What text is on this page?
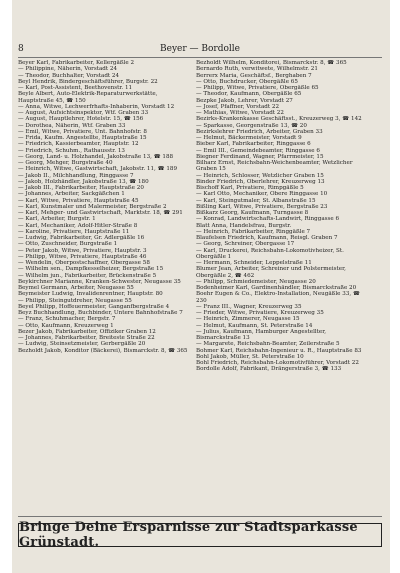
8	Beyer — Bordolle

Beyer Karl, Fabrikarbeiter, Kellergäßle 2

— Philippine, Näherin, Vorstadt 24

— Theodor, Buchhalter, Vorstadt 24

Beyl Hendrik, Bindergeschäftsführer, Burgstr. 22

— Karl, Post-Assistent, Beethovenstr. 11

Beyle Albert, Auto-Elektrik-Reparaturwerkstätte, Hauptstraße 45, ☎ 150

— Anna, Witwe, Lechwerfrhafts-Inhaberin, Vorstadt 12

— August, Aufsichtsinspektor, Wtf. Graben 33

— August, Hauptlehrer, Hotelstr. 15, ☎ 156

— Dorothea, Näherin, Wtf. Graben 33

— Emil, Witwe, Privatiere, Unt. Bahnhofstr. 8

— Frida, Kaufm. Angestellte, Hauptstraße 15

— Friedrich, Kassierbeamter, Hauptstr. 12

— Friedrich, Schuhm., Rathausstr. 13

— Georg, Land- u. Holzhandel, Jakobstraße 13, ☎ 188

— Georg, Mehger, Burgstraße 40

— Heinrich, Witwe, Gastwirtschaft, Jakobstr. 11, ☎ 189

— Jakob II., Milchhandlung, Ringgasse 7

— Jakob, Holzhändler, Jakobstraße 13, ☎ 180

— Jakob III., Fabrikarbeiter, Hauptstraße 20

— Johannes, Arbeiter, Sackgäßchen 1

— Karl, Witwe, Privatiere, Hauptstraße 45

— Karl, Kunstmaler und Malermeister, Bergstraße 2

— Karl, Mehger- und Gastwirtschaft, Marktstr. 18, ☎ 291

— Karl, Arbeiter, Burgstr. 1

— Karl, Mechaniker, Adolf-Hitler-Straße 8

— Karoline, Privatiere, Hauptstraße 11

— Ludwig, Fabrikarbeiter, Gr. Adlergäßle 16

— Otto, Zuschneider, Burgstraße 1

— Peter Jakob, Witwe, Privatiere, Hauptstr. 3

— Philipp, Witwe, Privatiere, Hauptstraße 46

— Wendelin, Oberpostschaffner, Obergasse 58

— Wilhelm sen., Dampfkesselheizer, Bergstraße 15

— Wilhelm jun., Fabrikarbeiter, Brückenstraße 5

Beykirchner Marianne, Kranken-Schwester, Neugasse 35

Beymel Germann, Arbeiter, Neugasse 55

Beymeister Ludwig, Invalidenrentner, Hauptstr. 80

— Philipp, Steingutdreher, Neugasse 55

Beyel Philipp, Hoffeuermeister, Ganganfbergstraße 4

Beyz Buchhandlung, Buchbinder, Untere Bahnhofstraße 7

— Franz, Schuhmacher, Bergstr. 7

— Otto, Kaufmann, Kreuzerweg 1

Bezer Jakob, Fabrikarbeiter, Offiziker Graben 12

— Johannes, Fabrikarbeiter, Breiteste Straße 22

— Ludwig, Steinsetzmeister, Gerbergäßle 20

Bezholdt Jakob, Konditor (Bäckerei), Bismarckstr. 8, ☎ 365

Bezholdt Wilhelm, Konditorei, Bismarckstr. 8, ☎ 365

Bernardo Ruth, verwitwete, Wilhelmstr. 21

Berrerx Maria, Geschäftsf., Berghaben 7

— Otto, Buchdrucker, Obergäßle 65

— Philipp, Witwe, Privatiere, Obergäßle 65

— Theodor, Kaufmann, Obergäßle 65

Bezpke Jakob, Lehrer, Vorstadt 27

— Josef, Pfaffner, Vorstadt 22

— Mathias, Witwe, Vorstadt 22

Bezirks-Krankenkasse Geschäftsst., Kreuzerweg 3, ☎ 142

— Sparkasse, Georgenstraße 13, ☎ 20

Bezirkslehrer Friedrich, Arbeiter, Graben 33

— Helmut, Bäckermeister, Vorstadt 9

Bieber Karl, Fabrikarbeiter, Ringgasse 6

— Emil III., Gemeindebeamter, Ringgasse 6

Biegner Ferdinand, Wagner, Pfarrmeister, 15

Bilharz Ernst, Reichsbahn-Weichenbeamter, Wetzlicher Graben 15

— Heinrich, Schlosser, Wetzlicher Graben 15

Binder Friedrich, Oberlehrer, Kreuzerweg 13

Bischoff Karl, Privatiere, Rimpgäßle 5

— Karl Otto, Mechaniker, Obere Ringgasse 10

— Karl, Steingutmaler, St. Albanstraße 15

Bißling Karl, Witwe, Privatiere, Bergstraße 23

Bißkarz Georg, Kaufmann, Turngasse 8

— Konrad, Landwirtschafts-Landwirt, Ringgasse 6

Blatt Anna, Handelsfrau, Burgstr.

— Heinrich, Fabrikarbeiter, Ringgäßle 7

Blaufelsen Friedrich, Kaufmann, Reisgl. Graben 7

— Georg, Schreiner, Obergasse 17

— Karl, Druckerei, Reichsbahn-Lokomotivheizer, St. Obergäßle 1

— Hermann, Schneider, Leppelstraße 11

Blumer Jean, Arbeiter, Schreiner und Polstermeister, Obergäßle 2, ☎ 462

— Philipp, Schmiedemeister, Neugasse 20

Bodenheimer Karl, Gardinenhändler, Bismarckstraße 20

Boehr Eugen & Co., Elektro-Installation, Neugäßle 33, ☎ 230

— Franz III., Wagner, Kreuzerweg 35

— Frieder, Witwe, Privatiere, Kreuzerweg 35

— Heinrich, Zimmerer, Neugasse 15

— Helmut, Kaufmann, St. Peterstraße 14

— Julius, Kaufmann, Hamburger Angestellter, Bismarckstraße 13

— Margarete, Reichsbahn-Beamter, Zeilerstraße 5

Bohmer Karl, Reichsbahn-Ingenieur u. R., Hauptstraße 83

Bohl Jakob, Müller, St. Peterstraße 10

Bohl Friedrich, Reichsbahn-Lokomotivführer, Vorstadt 22

Bordolle Adolf, Fabrikant, Drängerstraße 3, ☎ 133

Bringe Deine Ersparnisse zur Stadtsparkasse Grünstadt.
